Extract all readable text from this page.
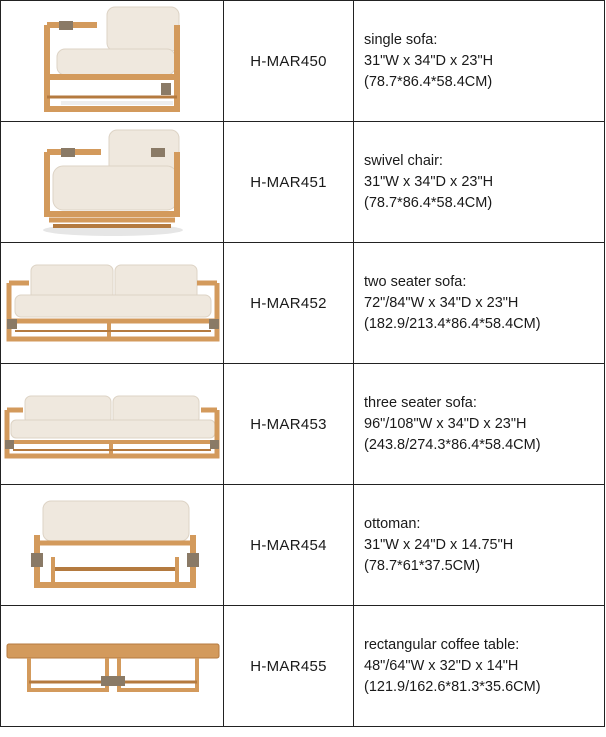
	H-MAR450	single sofa:
31"W x 34"D x 23"H
(78.7*86.4*58.4CM)

	H-MAR451	swivel chair:
31"W x 34"D x 23"H
(78.7*86.4*58.4CM)

	H-MAR452	two seater sofa:
72"/84"W x 34"D x 23"H
(182.9/213.4*86.4*58.4CM)

	H-MAR453	three seater sofa:
96"/108"W x 34"D x 23"H
(243.8/274.3*86.4*58.4CM)

	H-MAR454	ottoman:
31"W x 24"D x 14.75"H
(78.7*61*37.5CM)

	H-MAR455	rectangular coffee table:
48"/64"W x 32"D x 14"H
(121.9/162.6*81.3*35.6CM)
